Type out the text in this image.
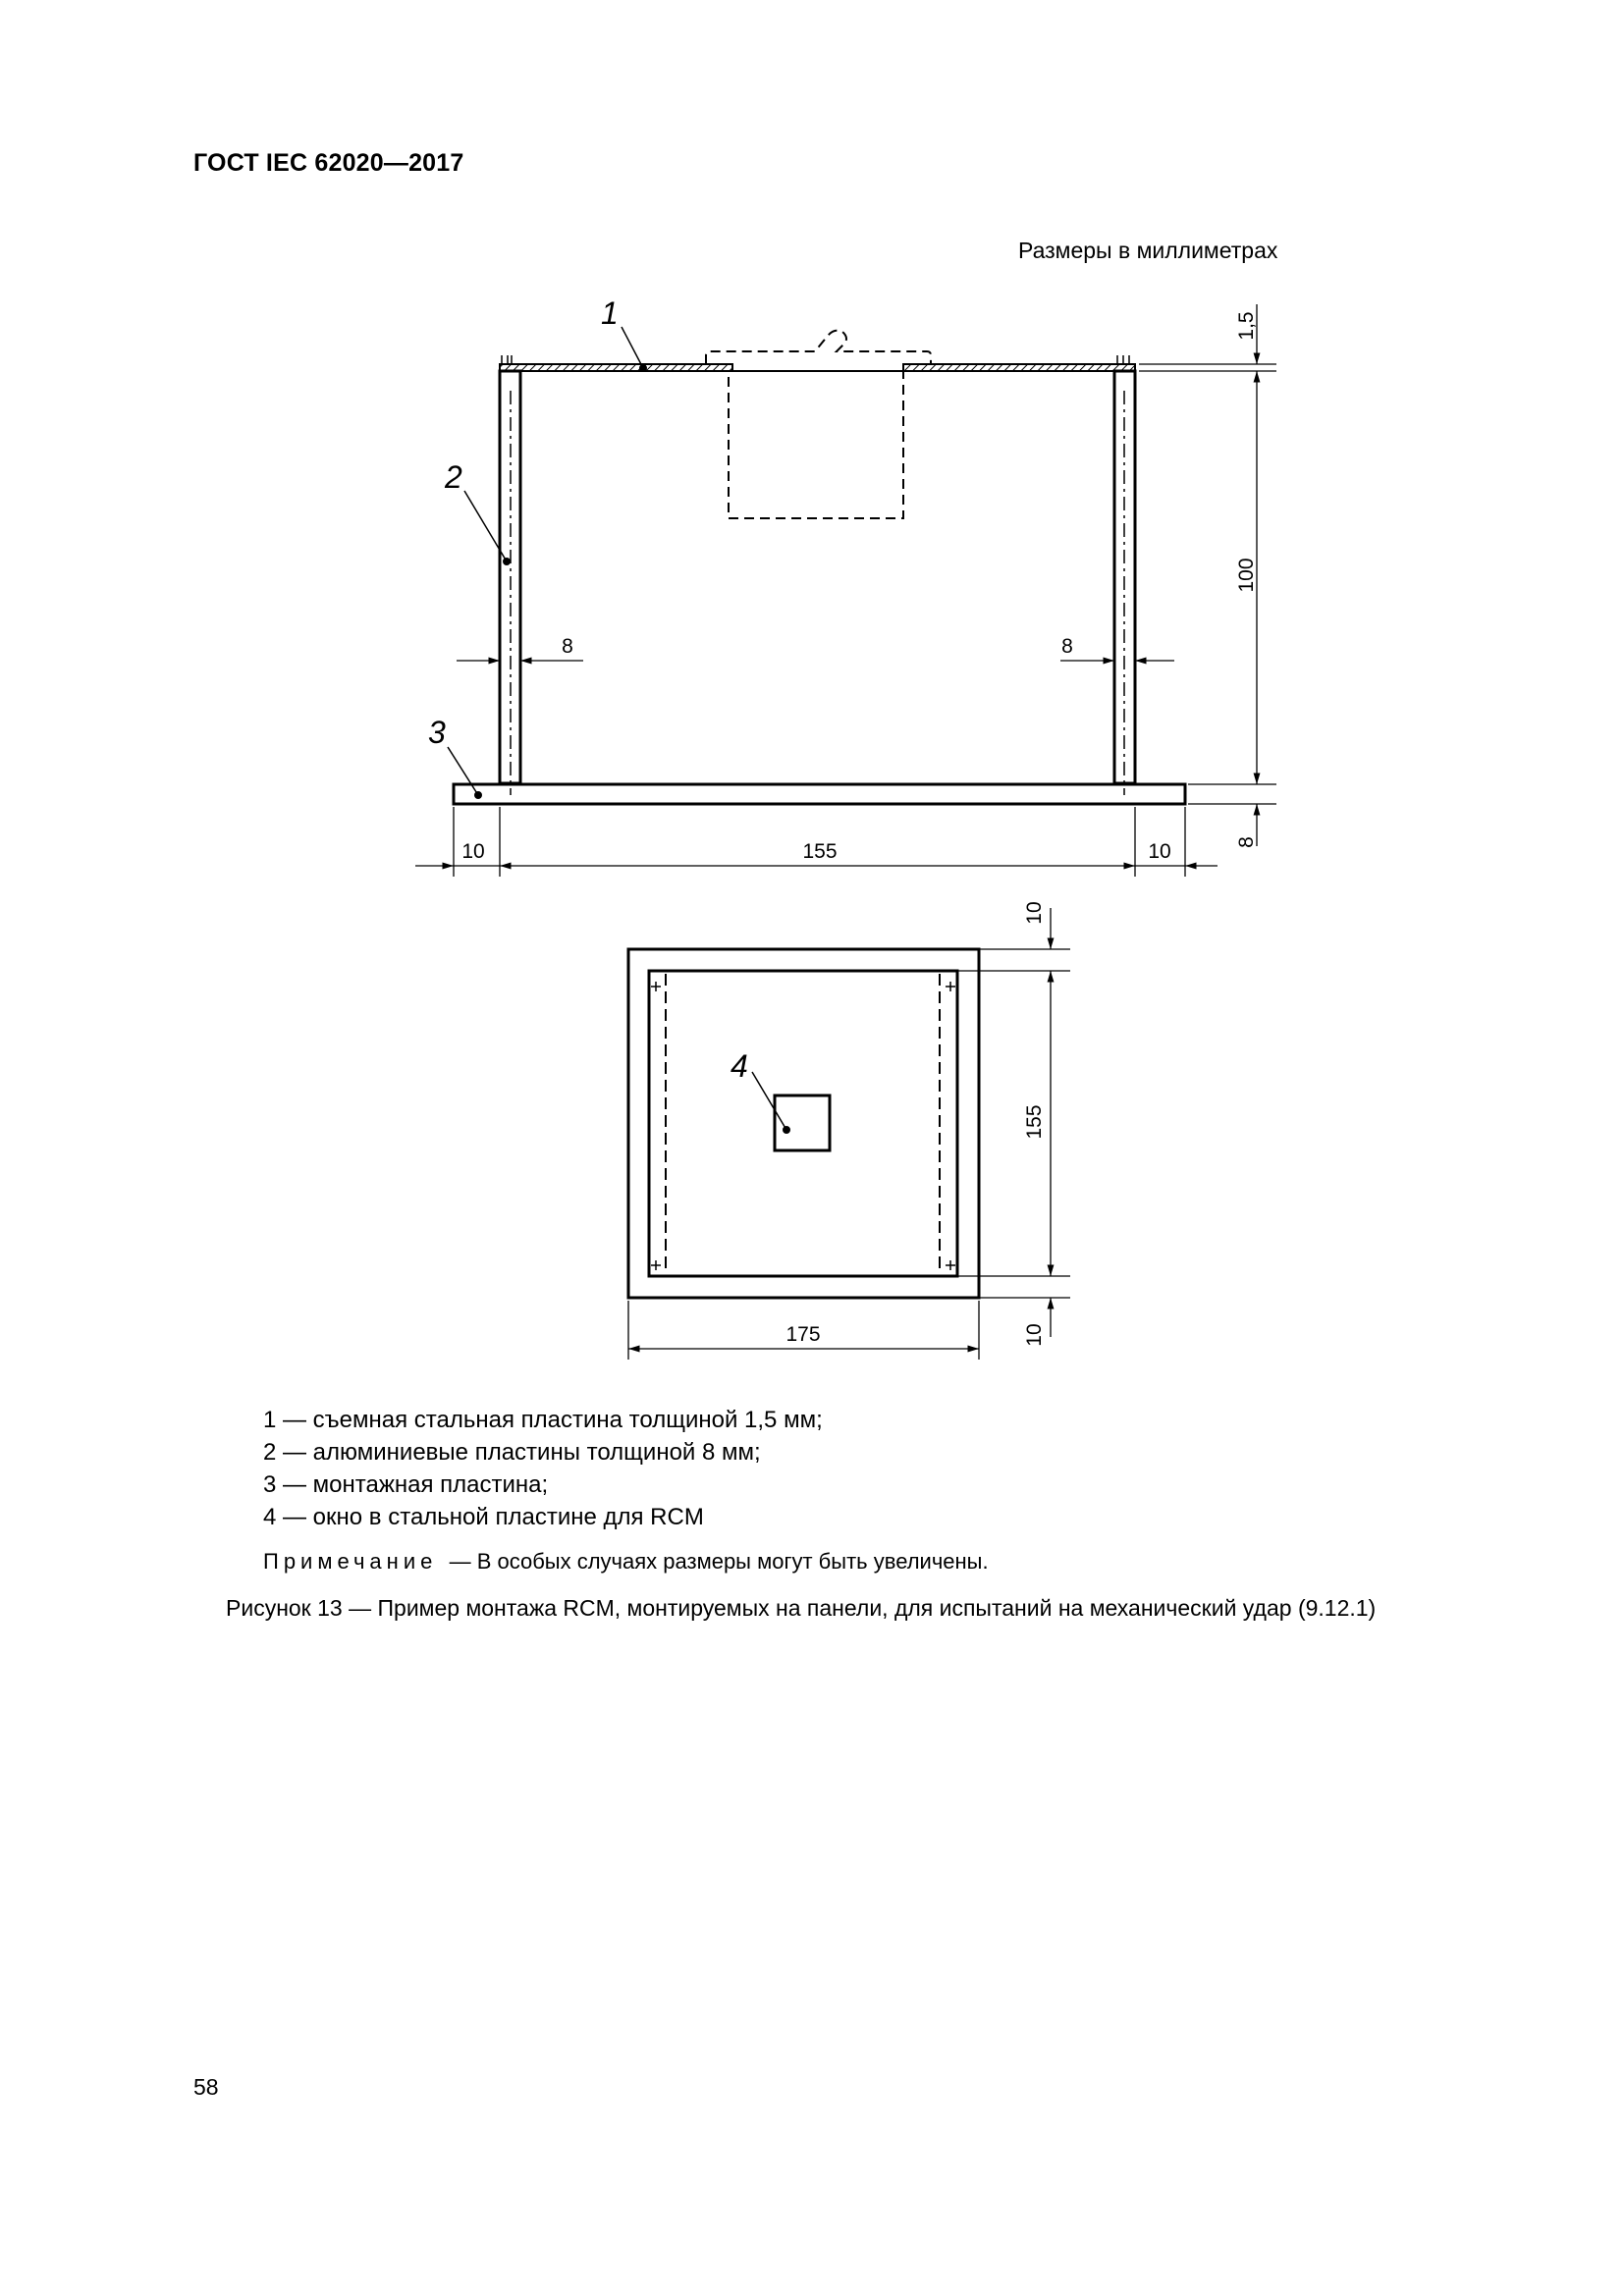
ГОСТ IEC 62020—2017
Размеры в миллиметрах
1
2
3
1,5
100
8	8
8
10	155	10
4
10
155
10
175
1 — съемная стальная пластина толщиной 1,5 мм;
2 — алюминиевые пластины толщиной 8 мм;
3 — монтажная пластина;
4 — окно в стальной пластине для RCM
Примечание — В особых случаях размеры могут быть увеличены.
Рисунок 13 — Пример монтажа RCM, монтируемых на панели, для испытаний на механический удар (9.12.1)
58
